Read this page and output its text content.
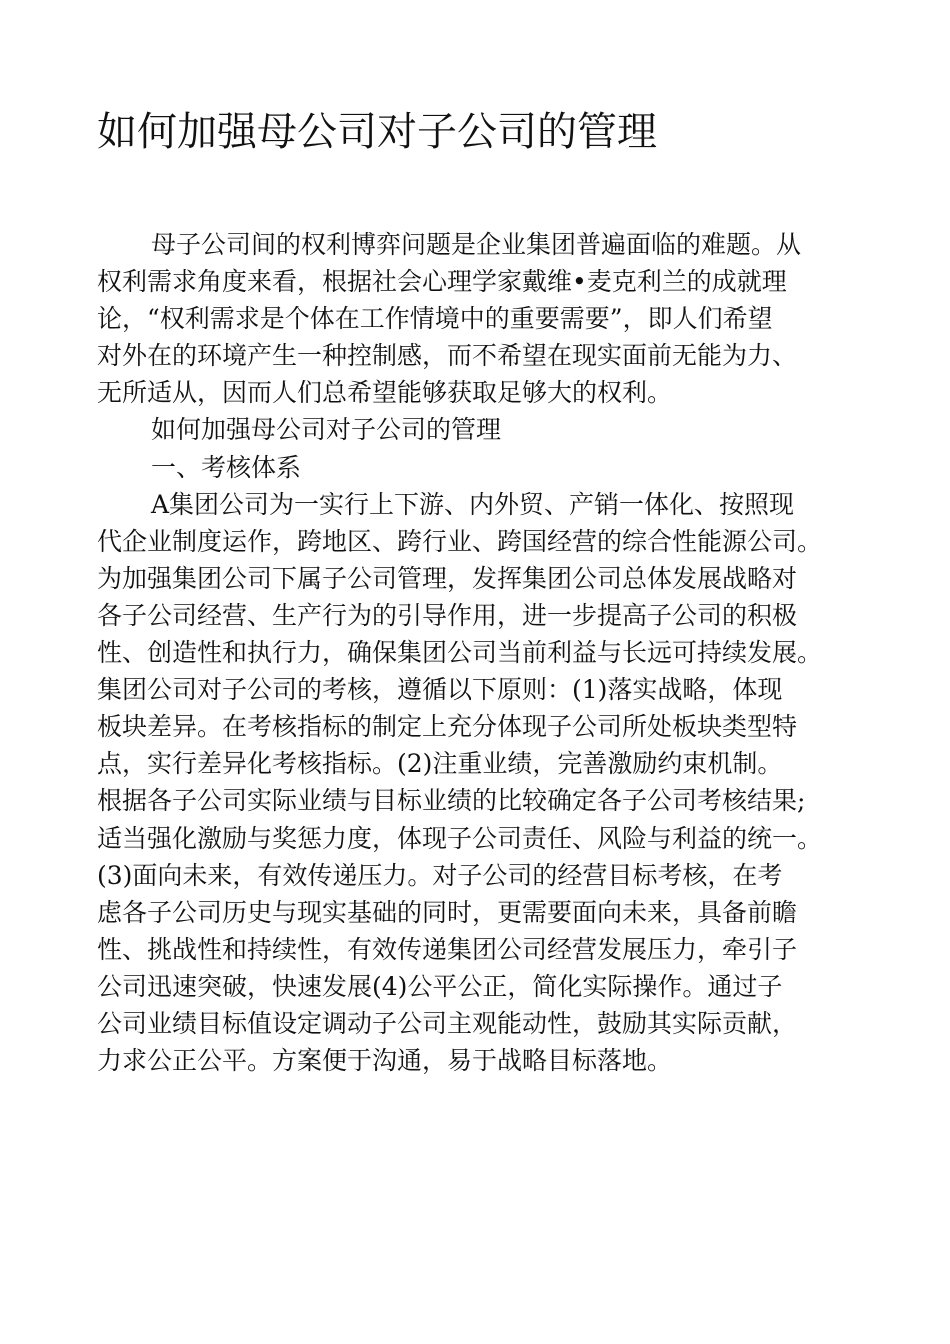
如何加强母公司对子公司的管理
母子公司间的权利博弈问题是企业集团普遍面临的难题。从
权利需求角度来看，根据社会心理学家戴维•麦克利兰的成就理
论，“权利需求是个体在工作情境中的重要需要”，即人们希望
对外在的环境产生一种控制感，而不希望在现实面前无能为力、
无所适从，因而人们总希望能够获取足够大的权利。
如何加强母公司对子公司的管理
一、考核体系
A集团公司为一实行上下游、内外贸、产销一体化、按照现
代企业制度运作，跨地区、跨行业、跨国经营的综合性能源公司。
为加强集团公司下属子公司管理，发挥集团公司总体发展战略对
各子公司经营、生产行为的引导作用，进一步提高子公司的积极
性、创造性和执行力，确保集团公司当前利益与长远可持续发展。
集团公司对子公司的考核，遵循以下原则：(1)落实战略，体现
板块差异。在考核指标的制定上充分体现子公司所处板块类型特
点，实行差异化考核指标。(2)注重业绩，完善激励约束机制。
根据各子公司实际业绩与目标业绩的比较确定各子公司考核结果;
适当强化激励与奖惩力度，体现子公司责任、风险与利益的统一。
(3)面向未来，有效传递压力。对子公司的经营目标考核，在考
虑各子公司历史与现实基础的同时，更需要面向未来，具备前瞻
性、挑战性和持续性，有效传递集团公司经营发展压力，牵引子
公司迅速突破，快速发展(4)公平公正，简化实际操作。通过子
公司业绩目标值设定调动子公司主观能动性，鼓励其实际贡献，
力求公正公平。方案便于沟通，易于战略目标落地。
